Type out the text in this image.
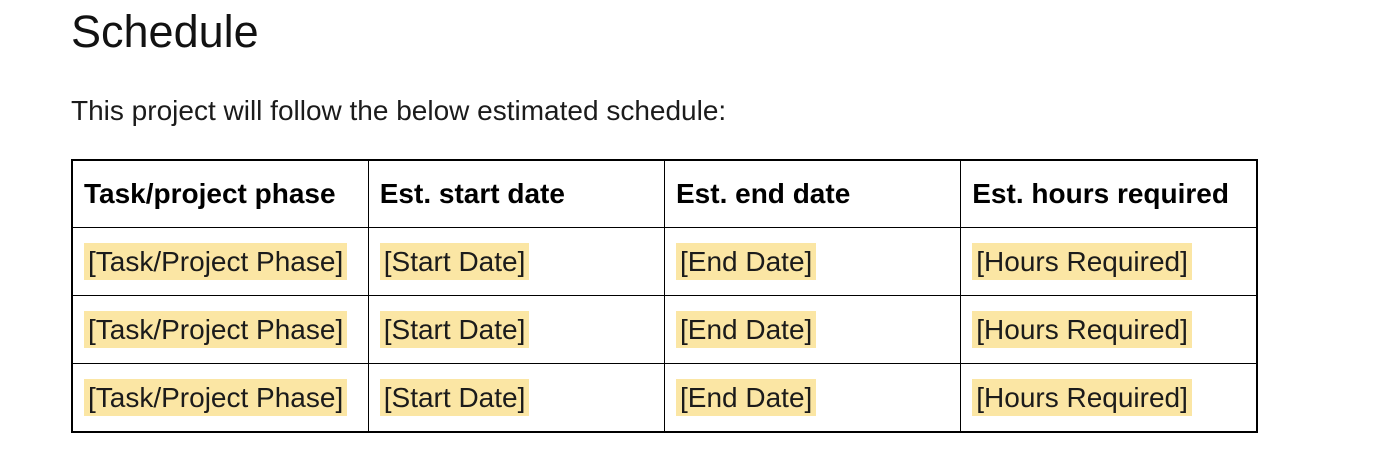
Schedule

This project will follow the below estimated schedule:

Task/project phase	Est. start date	Est. end date	Est. hours required
[Task/Project Phase]	[Start Date]	[End Date]	[Hours Required]
[Task/Project Phase]	[Start Date]	[End Date]	[Hours Required]
[Task/Project Phase]	[Start Date]	[End Date]	[Hours Required]
